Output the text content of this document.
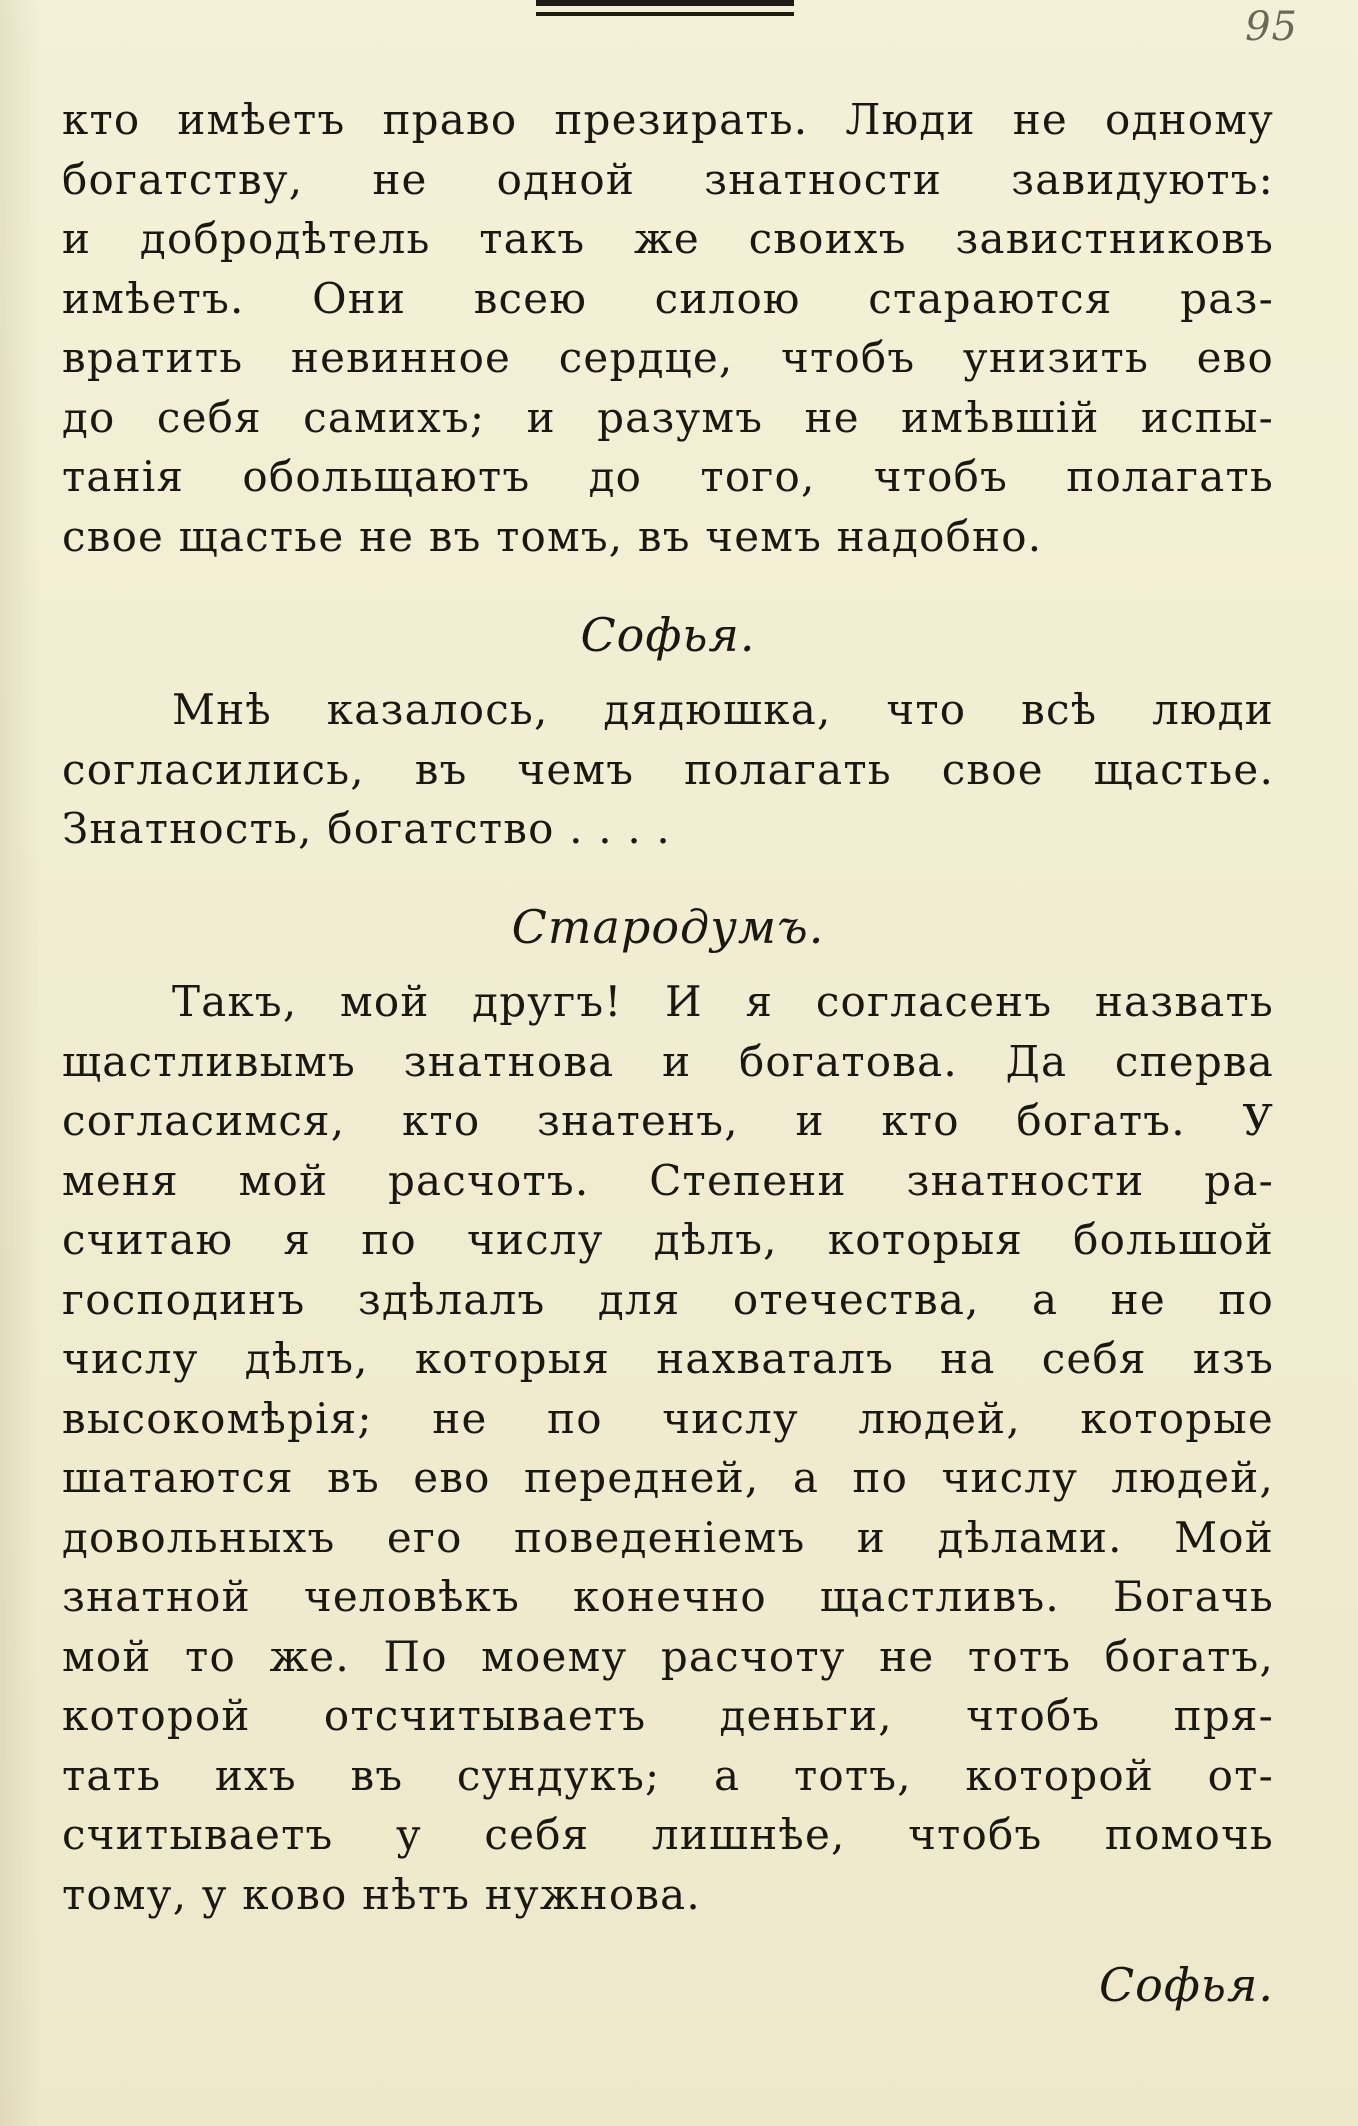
95
кто имѣетъ право презирать. Люди не одному
богатству, не одной знатности завидуютъ:
и добродѣтель такъ же своихъ завистниковъ
имѣетъ. Они всею силою стараются раз-
вратить невинное сердце, чтобъ унизить ево
до себя самихъ; и разумъ не имѣвшій испы-
танія обольщаютъ до того, чтобъ полагать
свое щастье не въ томъ, въ чемъ надобно.
Софья.
Мнѣ казалось, дядюшка, что всѣ люди
согласились, въ чемъ полагать свое щастье.
Знатность, богатство . . . .
Стародумъ.
Такъ, мой другъ! И я согласенъ назвать
щастливымъ знатнова и богатова. Да сперва
согласимся, кто знатенъ, и кто богатъ. У
меня мой расчотъ. Степени знатности ра-
считаю я по числу дѣлъ, которыя большой
господинъ здѣлалъ для отечества, а не по
числу дѣлъ, которыя нахваталъ на себя изъ
высокомѣрія; не по числу людей, которые
шатаются въ ево передней, а по числу людей,
довольныхъ его поведеніемъ и дѣлами. Мой
знатной человѣкъ конечно щастливъ. Богачь
мой то же. По моему расчоту не тотъ богатъ,
которой отсчитываетъ деньги, чтобъ пря-
тать ихъ въ сундукъ; а тотъ, которой от-
считываетъ у себя лишнѣе, чтобъ помочь
тому, у ково нѣтъ нужнова.
Софья.
